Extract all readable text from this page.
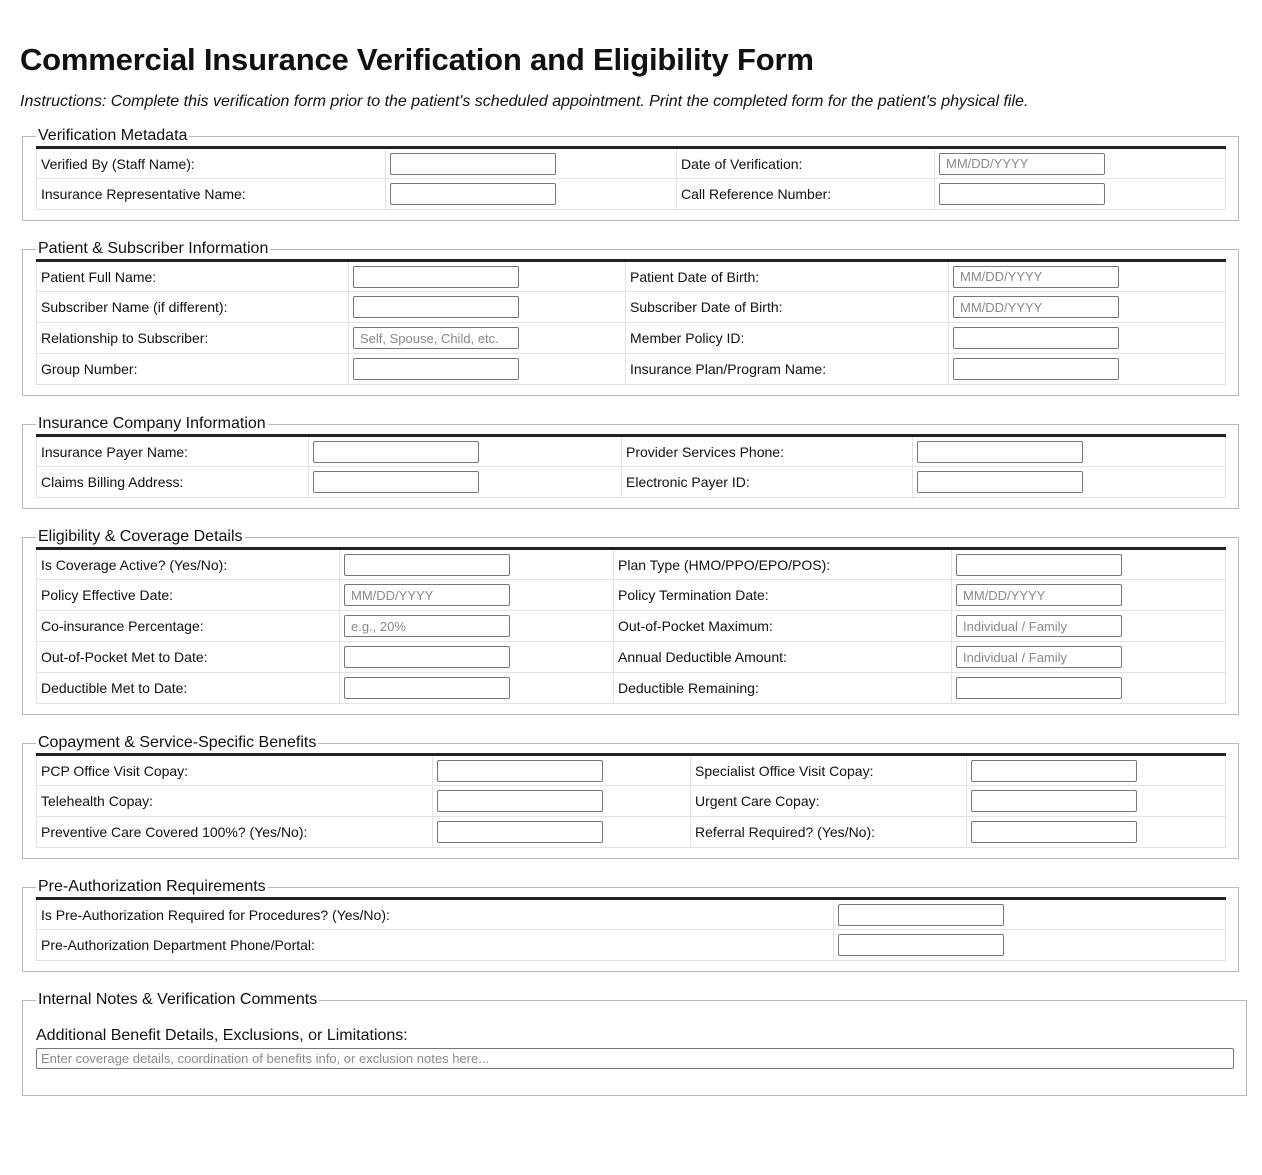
Commercial Insurance Verification and Eligibility Form

Instructions: Complete this verification form prior to the patient's scheduled appointment. Print the completed form for the patient's physical file.

Verification Metadata
Verified By (Staff Name):		Date of Verification:	MM/DD/YYYY
Insurance Representative Name:		Call Reference Number:	
Patient & Subscriber Information
Patient Full Name:		Patient Date of Birth:	MM/DD/YYYY
Subscriber Name (if different):		Subscriber Date of Birth:	MM/DD/YYYY
Relationship to Subscriber:	Self, Spouse, Child, etc.	Member Policy ID:	
Group Number:		Insurance Plan/Program Name:	
Insurance Company Information
Insurance Payer Name:		Provider Services Phone:	
Claims Billing Address:		Electronic Payer ID:	
Eligibility & Coverage Details
Is Coverage Active? (Yes/No):		Plan Type (HMO/PPO/EPO/POS):	
Policy Effective Date:	MM/DD/YYYY	Policy Termination Date:	MM/DD/YYYY
Co-insurance Percentage:	e.g., 20%	Out-of-Pocket Maximum:	Individual / Family
Out-of-Pocket Met to Date:		Annual Deductible Amount:	Individual / Family
Deductible Met to Date:		Deductible Remaining:	
Copayment & Service-Specific Benefits
PCP Office Visit Copay:		Specialist Office Visit Copay:	
Telehealth Copay:		Urgent Care Copay:	
Preventive Care Covered 100%? (Yes/No):		Referral Required? (Yes/No):	
Pre-Authorization Requirements
Is Pre-Authorization Required for Procedures? (Yes/No):	
Pre-Authorization Department Phone/Portal:	
Internal Notes & Verification Comments
Additional Benefit Details, Exclusions, or Limitations:
Enter coverage details, coordination of benefits info, or exclusion notes here...
